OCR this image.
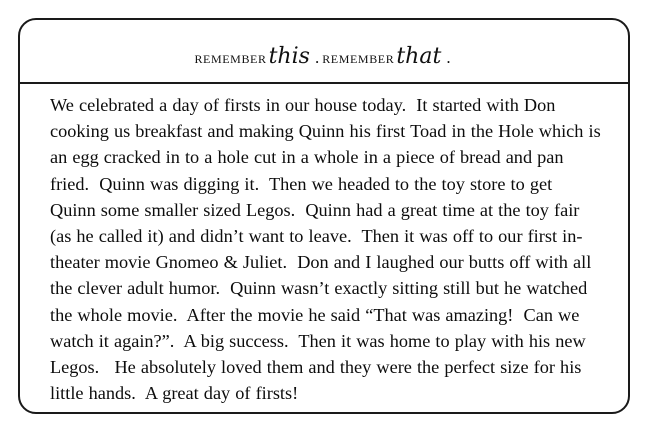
remember this . remember that .
We celebrated a day of firsts in our house today.  It started with Don cooking us breakfast and making Quinn his first Toad in the Hole which is an egg cracked in to a hole cut in a whole in a piece of bread and pan fried.  Quinn was digging it.  Then we headed to the toy store to get Quinn some smaller sized Legos.  Quinn had a great time at the toy fair (as he called it) and didn’t want to leave.  Then it was off to our first in-theater movie Gnomeo & Juliet.  Don and I laughed our butts off with all the clever adult humor.  Quinn wasn’t exactly sitting still but he watched the whole movie.  After the movie he said “That was amazing!  Can we watch it again?”.  A big success.  Then it was home to play with his new Legos.   He absolutely loved them and they were the perfect size for his little hands.  A great day of firsts!
